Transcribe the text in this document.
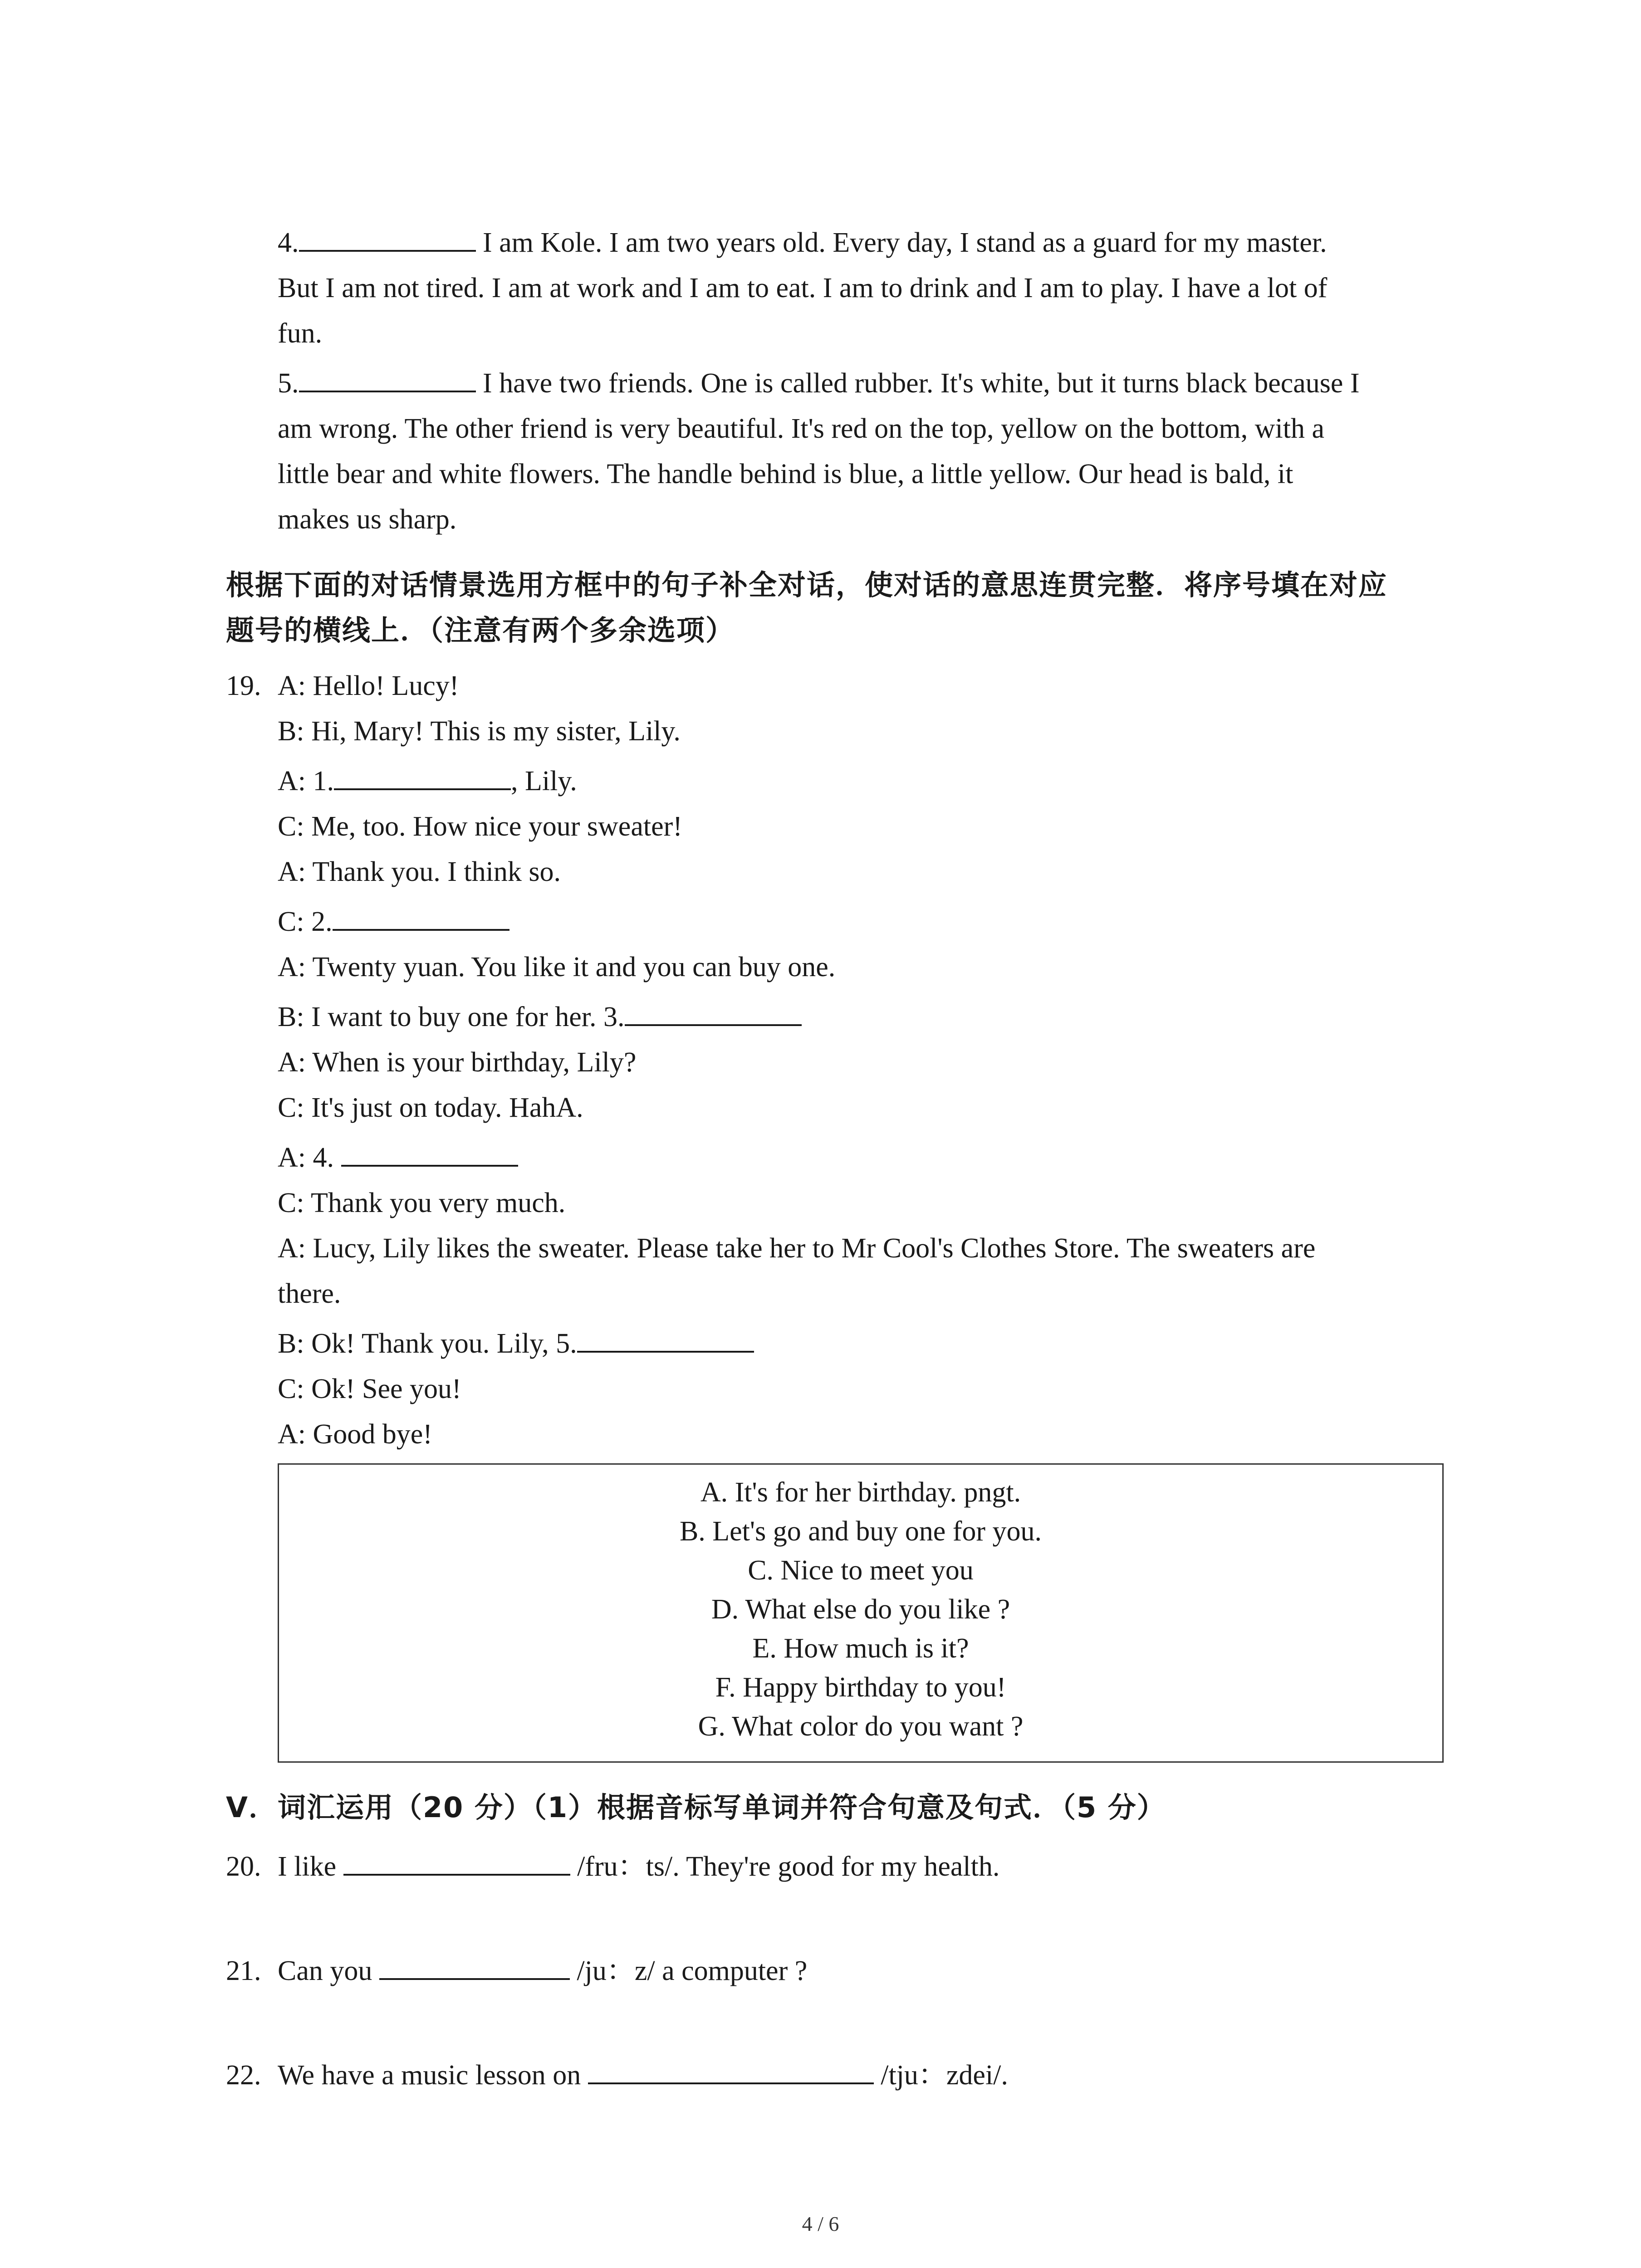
4.	I am Kole. I am two years old. Every day, I stand as a guard for my master.
But I am not tired. I am at work and I am to eat. I am to drink and I am to play. I have a lot of
fun.
5.	I have two friends. One is called rubber. It's white, but it turns black because I
am wrong. The other friend is very beautiful. It's red on the top, yellow on the bottom, with a
little bear and white flowers. The handle behind is blue, a little yellow. Our head is bald, it
makes us sharp.
根据下面的对话情景选用方框中的句子补全对话，使对话的意思连贯完整．将序号填在对应
题号的横线上．（注意有两个多余选项）
19. A: Hello! Lucy!
B: Hi, Mary! This is my sister, Lily.
A: 1.	, Lily.
C: Me, too. How nice your sweater!
A: Thank you. I think so.
C: 2.
A: Twenty yuan. You like it and you can buy one.
B: I want to buy one for her. 3.
A: When is your birthday, Lily?
C: It's just on today. HahA.
A: 4.
C: Thank you very much.
A: Lucy, Lily likes the sweater. Please take her to Mr Cool's Clothes Store. The sweaters are
there.
B: Ok! Thank you. Lily, 5.
C: Ok! See you!
A: Good bye!
A. It's for her birthday. pngt.
B. Let's go and buy one for you.
C. Nice to meet you
D. What else do you like ?
E. How much is it?
F. Happy birthday to you!
G. What color do you want ?
Ⅴ．词汇运用（20 分）（1）根据音标写单词并符合句意及句式．（5 分）
20. I like	/fru：ts/. They're good for my health.
21. Can you	/ju：z/ a computer ?
22. We have a music lesson on	/tju：zdei/.
4 / 6
